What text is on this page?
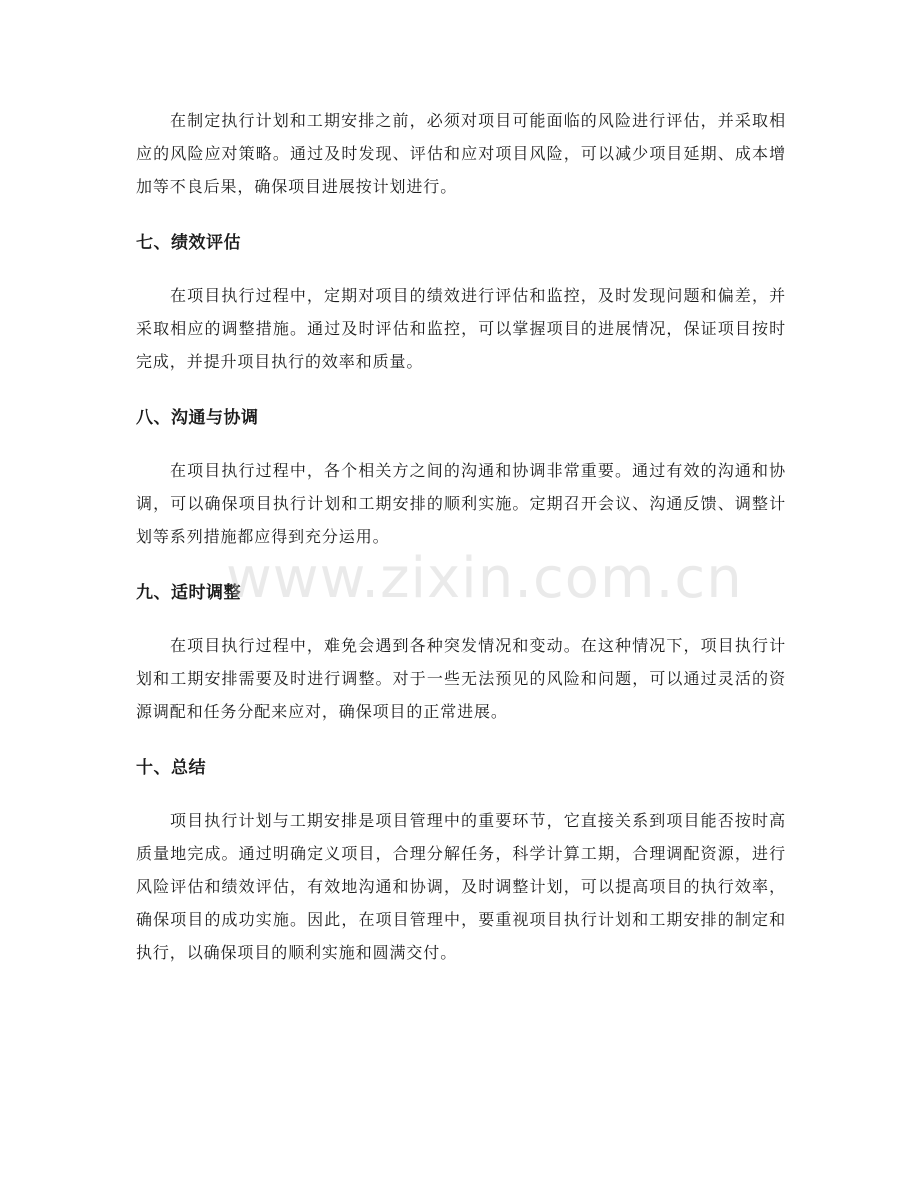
在制定执行计划和工期安排之前，必须对项目可能面临的风险进行评估，并采取相应的风险应对策略。通过及时发现、评估和应对项目风险，可以减少项目延期、成本增加等不良后果，确保项目进展按计划进行。

七、绩效评估

在项目执行过程中，定期对项目的绩效进行评估和监控，及时发现问题和偏差，并采取相应的调整措施。通过及时评估和监控，可以掌握项目的进展情况，保证项目按时完成，并提升项目执行的效率和质量。

八、沟通与协调

在项目执行过程中，各个相关方之间的沟通和协调非常重要。通过有效的沟通和协调，可以确保项目执行计划和工期安排的顺利实施。定期召开会议、沟通反馈、调整计划等系列措施都应得到充分运用。

九、适时调整

在项目执行过程中，难免会遇到各种突发情况和变动。在这种情况下，项目执行计划和工期安排需要及时进行调整。对于一些无法预见的风险和问题，可以通过灵活的资源调配和任务分配来应对，确保项目的正常进展。

十、总结

项目执行计划与工期安排是项目管理中的重要环节，它直接关系到项目能否按时高质量地完成。通过明确定义项目，合理分解任务，科学计算工期，合理调配资源，进行风险评估和绩效评估，有效地沟通和协调，及时调整计划，可以提高项目的执行效率，确保项目的成功实施。因此，在项目管理中，要重视项目执行计划和工期安排的制定和执行，以确保项目的顺利实施和圆满交付。

www.zixin.com.cn
